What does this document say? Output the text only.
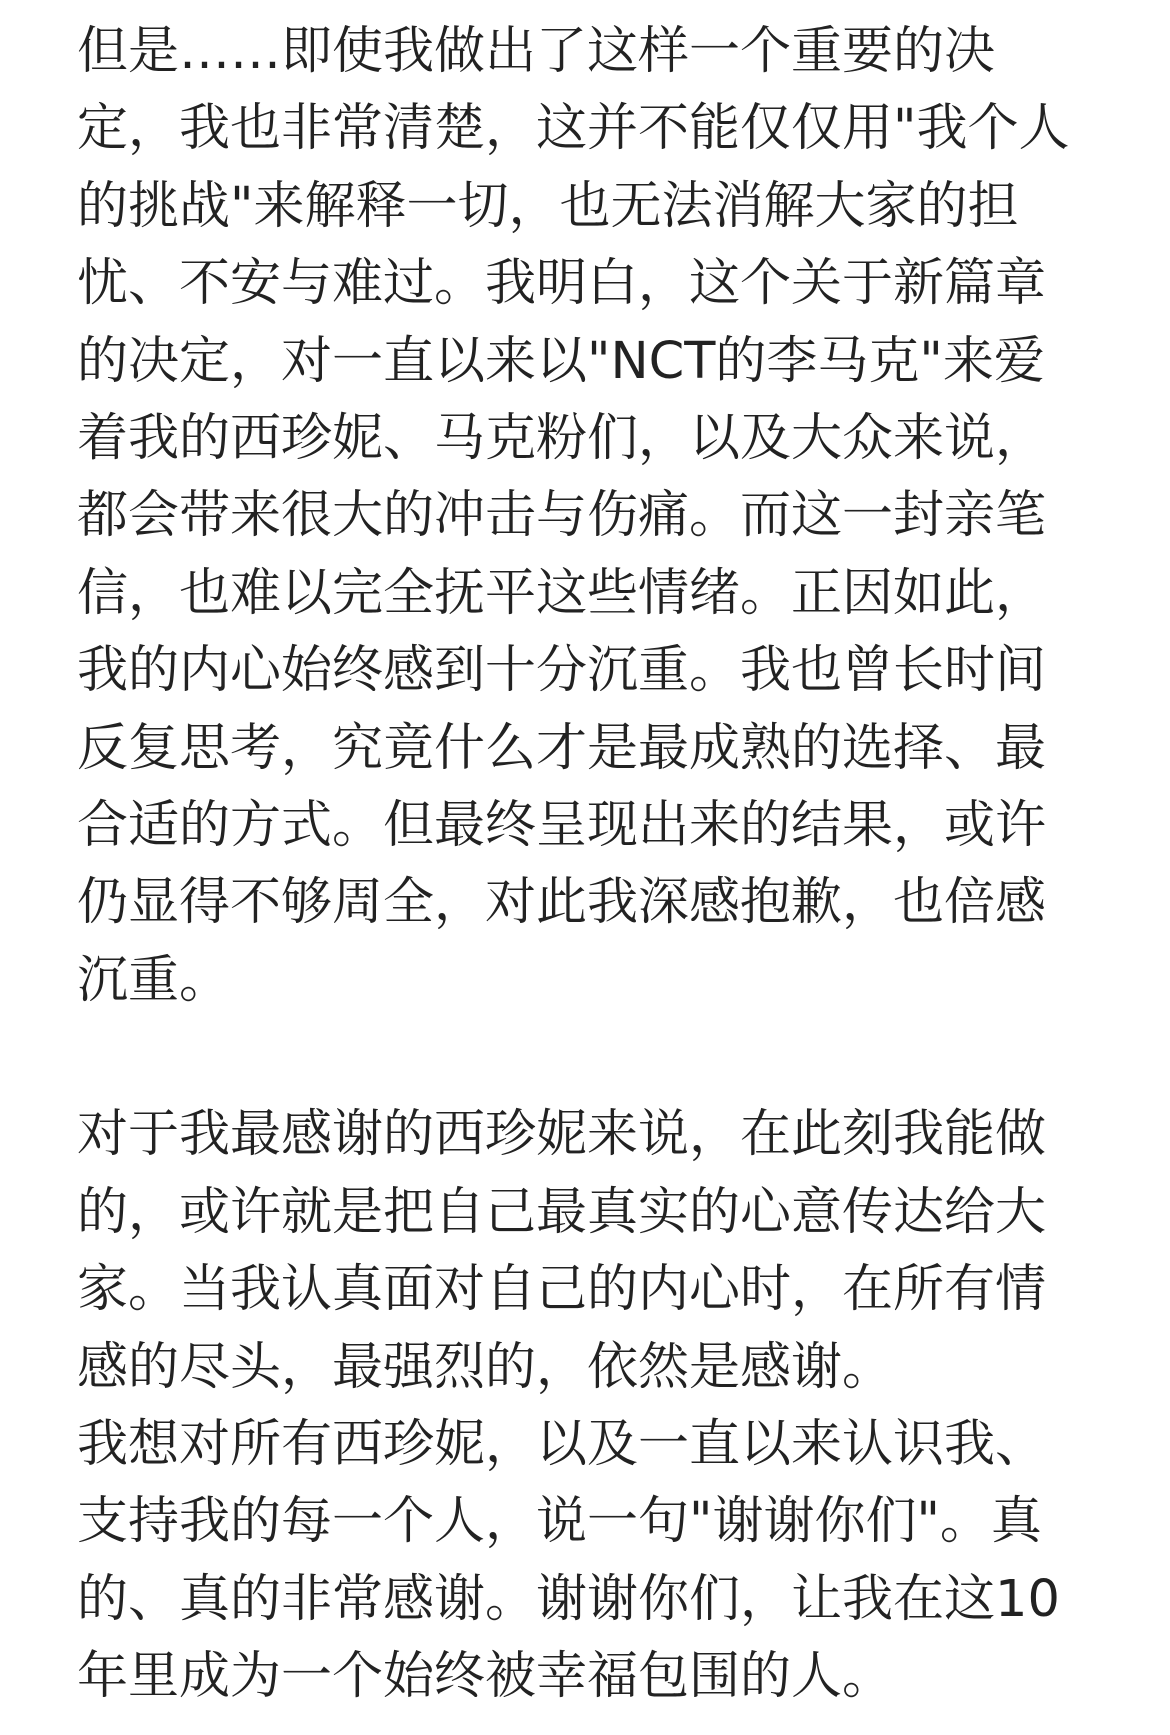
但是……即使我做出了这样一个重要的决
定，我也非常清楚，这并不能仅仅用"我个人
的挑战"来解释一切，也无法消解大家的担
忧、不安与难过。我明白，这个关于新篇章
的决定，对一直以来以"NCT的李马克"来爱
着我的西珍妮、马克粉们，以及大众来说，
都会带来很大的冲击与伤痛。而这一封亲笔
信，也难以完全抚平这些情绪。正因如此，
我的内心始终感到十分沉重。我也曾长时间
反复思考，究竟什么才是最成熟的选择、最
合适的方式。但最终呈现出来的结果，或许
仍显得不够周全，对此我深感抱歉，也倍感
沉重。
对于我最感谢的西珍妮来说，在此刻我能做
的，或许就是把自己最真实的心意传达给大
家。当我认真面对自己的内心时，在所有情
感的尽头，最强烈的，依然是感谢。
我想对所有西珍妮，以及一直以来认识我、
支持我的每一个人，说一句"谢谢你们"。真
的、真的非常感谢。谢谢你们，让我在这10
年里成为一个始终被幸福包围的人。
